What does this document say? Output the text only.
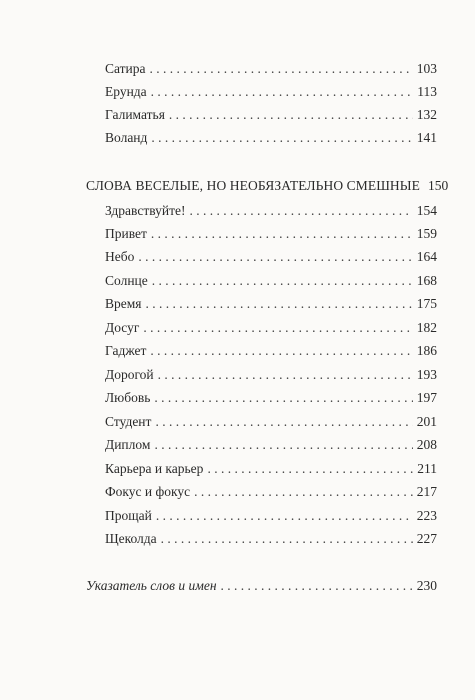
Сатира . . .	103
Ерунда . . .	113
Галиматья . . .	132
Воланд . . .	141
СЛОВА ВЕСЕЛЫЕ, НО НЕОБЯЗАТЕЛЬНО СМЕШНЫЕ 150
Здравствуйте! . . .	154
Привет . . .	159
Небо . . .	164
Солнце . . .	168
Время . . .	175
Досуг . . .	182
Гаджет . . .	186
Дорогой . . .	193
Любовь . . .	197
Студент . . .	201
Диплом . . .	208
Карьера и карьер . . .	211
Фокус и фокус . . .	217
Прощай . . .	223
Щеколда . . .	227
Указатель слов и имен . . .	230
